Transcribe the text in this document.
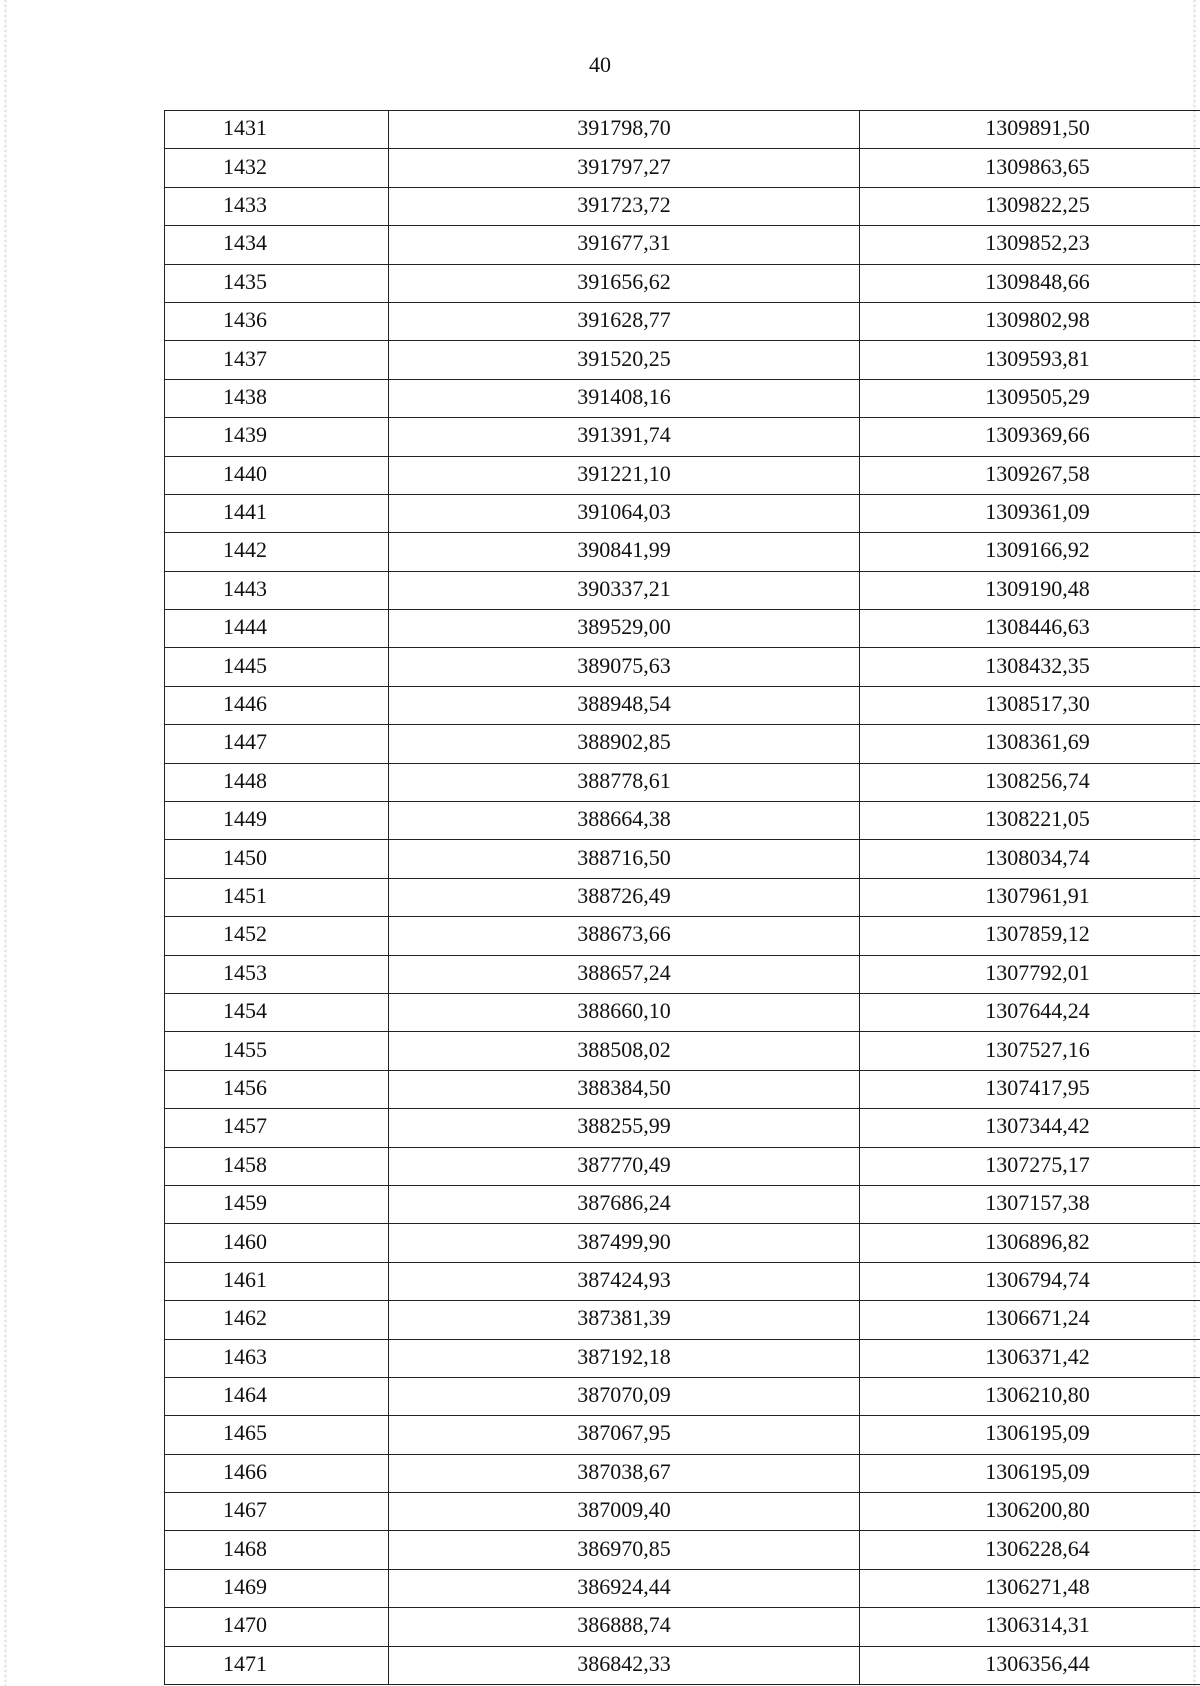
40
1431	391798,70	1309891,50
1432	391797,27	1309863,65
1433	391723,72	1309822,25
1434	391677,31	1309852,23
1435	391656,62	1309848,66
1436	391628,77	1309802,98
1437	391520,25	1309593,81
1438	391408,16	1309505,29
1439	391391,74	1309369,66
1440	391221,10	1309267,58
1441	391064,03	1309361,09
1442	390841,99	1309166,92
1443	390337,21	1309190,48
1444	389529,00	1308446,63
1445	389075,63	1308432,35
1446	388948,54	1308517,30
1447	388902,85	1308361,69
1448	388778,61	1308256,74
1449	388664,38	1308221,05
1450	388716,50	1308034,74
1451	388726,49	1307961,91
1452	388673,66	1307859,12
1453	388657,24	1307792,01
1454	388660,10	1307644,24
1455	388508,02	1307527,16
1456	388384,50	1307417,95
1457	388255,99	1307344,42
1458	387770,49	1307275,17
1459	387686,24	1307157,38
1460	387499,90	1306896,82
1461	387424,93	1306794,74
1462	387381,39	1306671,24
1463	387192,18	1306371,42
1464	387070,09	1306210,80
1465	387067,95	1306195,09
1466	387038,67	1306195,09
1467	387009,40	1306200,80
1468	386970,85	1306228,64
1469	386924,44	1306271,48
1470	386888,74	1306314,31
1471	386842,33	1306356,44
